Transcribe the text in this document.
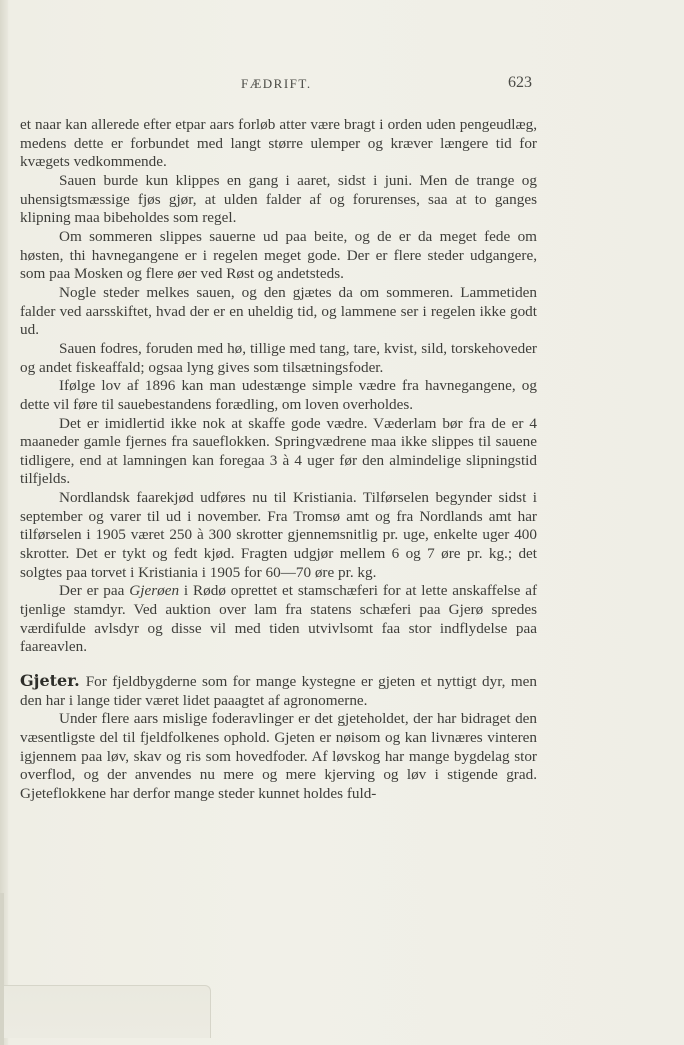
FÆDRIFT.	623

et naar kan allerede efter etpar aars forløb atter være bragt i orden uden pengeudlæg, medens dette er forbundet med langt større ulemper og kræver længere tid for kvægets vedkommende.

Sauen burde kun klippes en gang i aaret, sidst i juni. Men de trange og uhensigtsmæssige fjøs gjør, at ulden falder af og forurenses, saa at to ganges klipning maa bibeholdes som regel.

Om sommeren slippes sauerne ud paa beite, og de er da meget fede om høsten, thi havnegangene er i regelen meget gode. Der er flere steder udgangere, som paa Mosken og flere øer ved Røst og andetsteds.

Nogle steder melkes sauen, og den gjætes da om sommeren. Lammetiden falder ved aarsskiftet, hvad der er en uheldig tid, og lammene ser i regelen ikke godt ud.

Sauen fodres, foruden med hø, tillige med tang, tare, kvist, sild, torskehoveder og andet fiskeaffald; ogsaa lyng gives som tilsætningsfoder.

Ifølge lov af 1896 kan man udestænge simple vædre fra havnegangene, og dette vil føre til sauebestandens forædling, om loven overholdes.

Det er imidlertid ikke nok at skaffe gode vædre. Væderlam bør fra de er 4 maaneder gamle fjernes fra saueflokken. Springvædrene maa ikke slippes til sauene tidligere, end at lamningen kan foregaa 3 à 4 uger før den almindelige slipningstid tilfjelds.

Nordlandsk faarekjød udføres nu til Kristiania. Tilførselen begynder sidst i september og varer til ud i november. Fra Tromsø amt og fra Nordlands amt har tilførselen i 1905 været 250 à 300 skrotter gjennemsnitlig pr. uge, enkelte uger 400 skrotter. Det er tykt og fedt kjød. Fragten udgjør mellem 6 og 7 øre pr. kg.; det solgtes paa torvet i Kristiania i 1905 for 60—70 øre pr. kg.

Der er paa Gjerøen i Rødø oprettet et stamschæferi for at lette anskaffelse af tjenlige stamdyr. Ved auktion over lam fra statens schæferi paa Gjerø spredes værdifulde avlsdyr og disse vil med tiden utvivlsomt faa stor indflydelse paa faareavlen.

Gjeter. For fjeldbygderne som for mange kystegne er gjeten et nyttigt dyr, men den har i lange tider været lidet paaagtet af agronomerne.

Under flere aars mislige foderavlinger er det gjeteholdet, der har bidraget den væsentligste del til fjeldfolkenes ophold. Gjeten er nøisom og kan livnæres vinteren igjennem paa løv, skav og ris som hovedfoder. Af løvskog har mange bygdelag stor overflod, og der anvendes nu mere og mere kjerving og løv i stigende grad. Gjeteflokkene har derfor mange steder kunnet holdes fuld-
